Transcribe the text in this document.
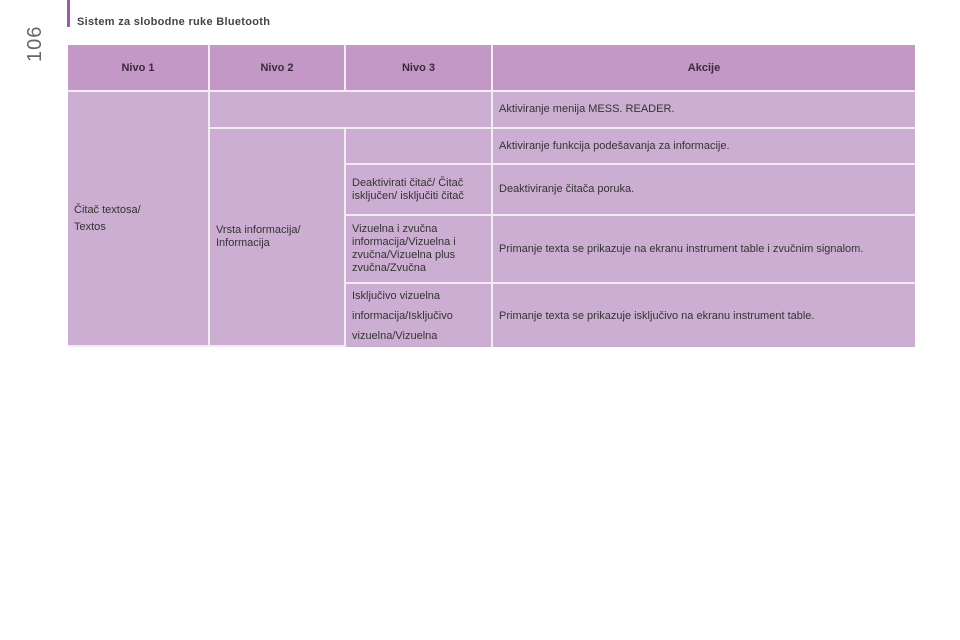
106
Sistem za slobodne ruke Bluetooth
Nivo 1	Nivo 2	Nivo 3	Akcije

Čitač textosa/
Textos			Aktiviranje menija MESS. READER.

	Vrsta informacija/
Informacija		Aktiviranje funkcija podešavanja za informacije.
		Deaktivirati čitač/ Čitač isključen/ isključiti čitač	Deaktiviranje čitača poruka.
		Vizuelna i zvučna informacija/Vizuelna i zvučna/Vizuelna plus zvučna/Zvučna	Primanje texta se prikazuje na ekranu instrument table i zvučnim signalom.
		Isključivo vizuelna informacija/Isključivo vizuelna/Vizuelna	Primanje texta se prikazuje isključivo na ekranu instrument table.
